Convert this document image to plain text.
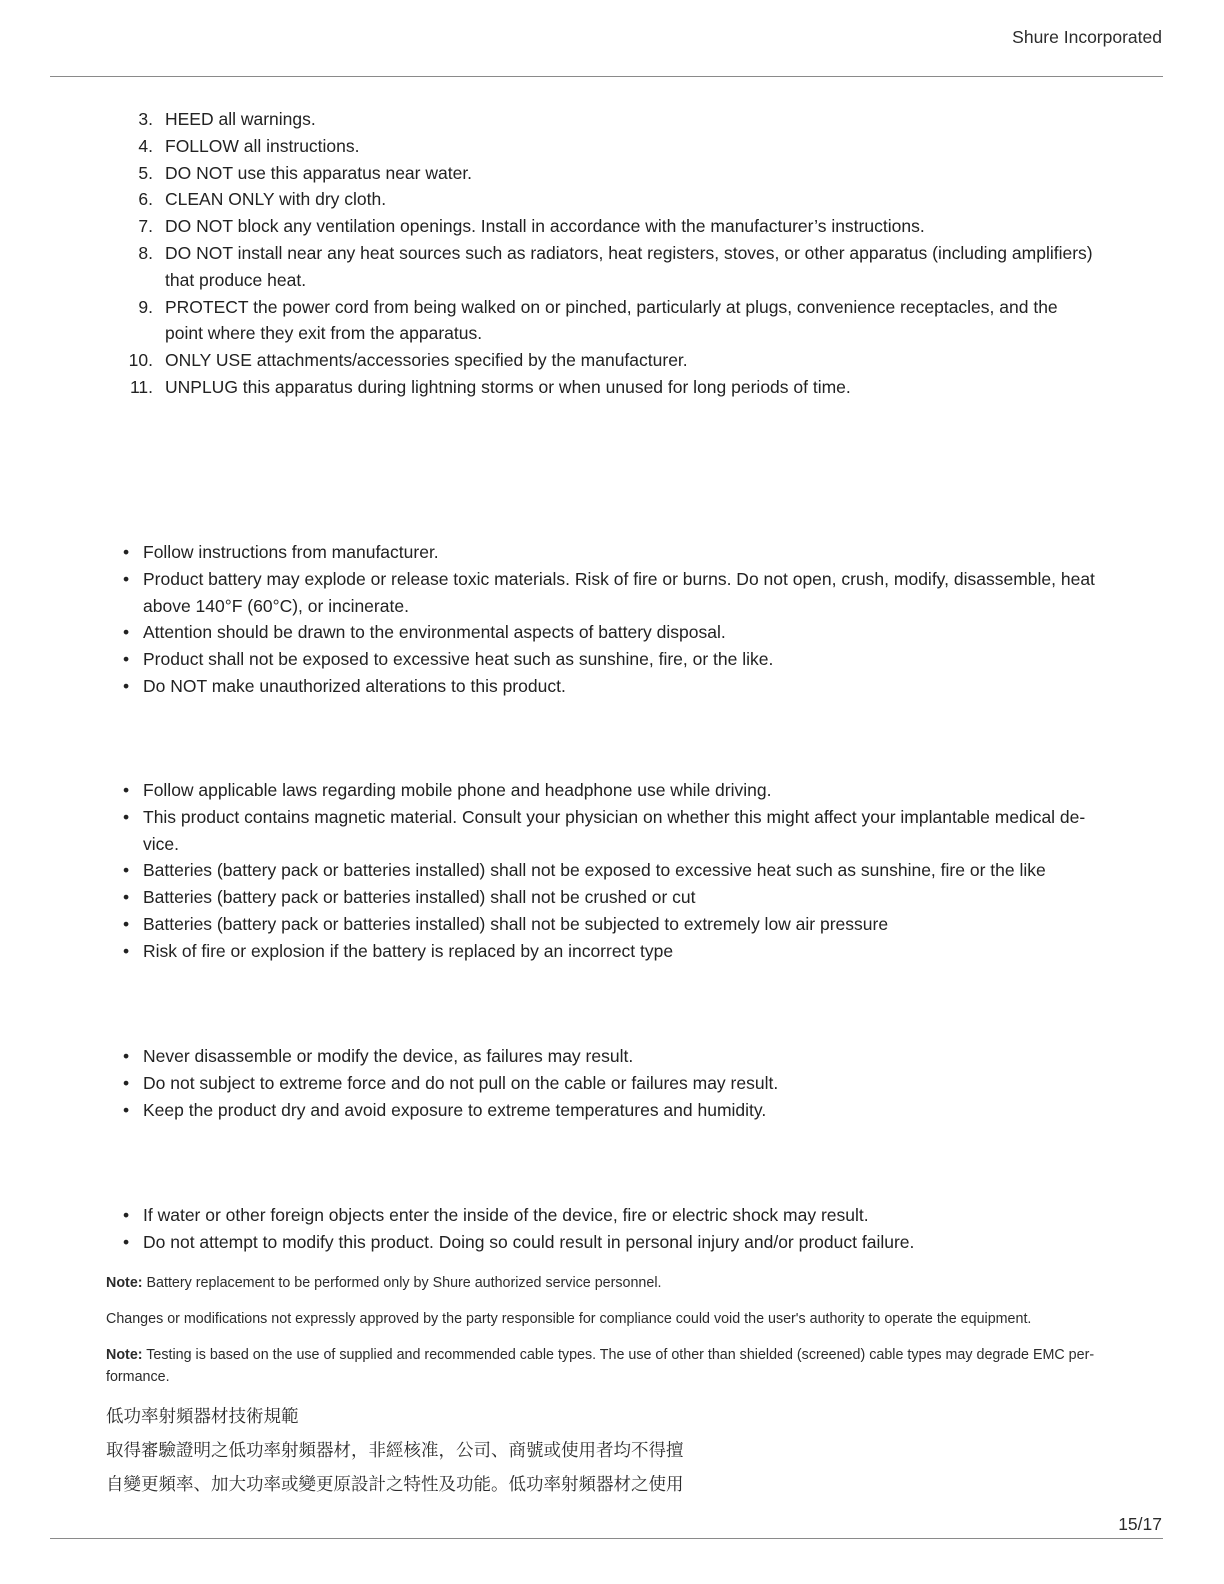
Shure Incorporated
3. HEED all warnings.
4. FOLLOW all instructions.
5. DO NOT use this apparatus near water.
6. CLEAN ONLY with dry cloth.
7. DO NOT block any ventilation openings. Install in accordance with the manufacturer’s instructions.
8. DO NOT install near any heat sources such as radiators, heat registers, stoves, or other apparatus (including amplifiers) that produce heat.
9. PROTECT the power cord from being walked on or pinched, particularly at plugs, convenience receptacles, and the point where they exit from the apparatus.
10. ONLY USE attachments/accessories specified by the manufacturer.
11. UNPLUG this apparatus during lightning storms or when unused for long periods of time.
• Follow instructions from manufacturer.
• Product battery may explode or release toxic materials. Risk of fire or burns. Do not open, crush, modify, disassemble, heat above 140°F (60°C), or incinerate.
• Attention should be drawn to the environmental aspects of battery disposal.
• Product shall not be exposed to excessive heat such as sunshine, fire, or the like.
• Do NOT make unauthorized alterations to this product.
• Follow applicable laws regarding mobile phone and headphone use while driving.
• This product contains magnetic material. Consult your physician on whether this might affect your implantable medical device.
• Batteries (battery pack or batteries installed) shall not be exposed to excessive heat such as sunshine, fire or the like
• Batteries (battery pack or batteries installed) shall not be crushed or cut
• Batteries (battery pack or batteries installed) shall not be subjected to extremely low air pressure
• Risk of fire or explosion if the battery is replaced by an incorrect type
• Never disassemble or modify the device, as failures may result.
• Do not subject to extreme force and do not pull on the cable or failures may result.
• Keep the product dry and avoid exposure to extreme temperatures and humidity.
• If water or other foreign objects enter the inside of the device, fire or electric shock may result.
• Do not attempt to modify this product. Doing so could result in personal injury and/or product failure.

Note: Battery replacement to be performed only by Shure authorized service personnel.

Changes or modifications not expressly approved by the party responsible for compliance could void the user's authority to operate the equipment.

Note: Testing is based on the use of supplied and recommended cable types. The use of other than shielded (screened) cable types may degrade EMC performance.

低功率射頻器材技術規範

取得審驗證明之低功率射頻器材，非經核准，公司、商號或使用者均不得擅

自變更頻率、加大功率或變更原設計之特性及功能。低功率射頻器材之使用

15/17
